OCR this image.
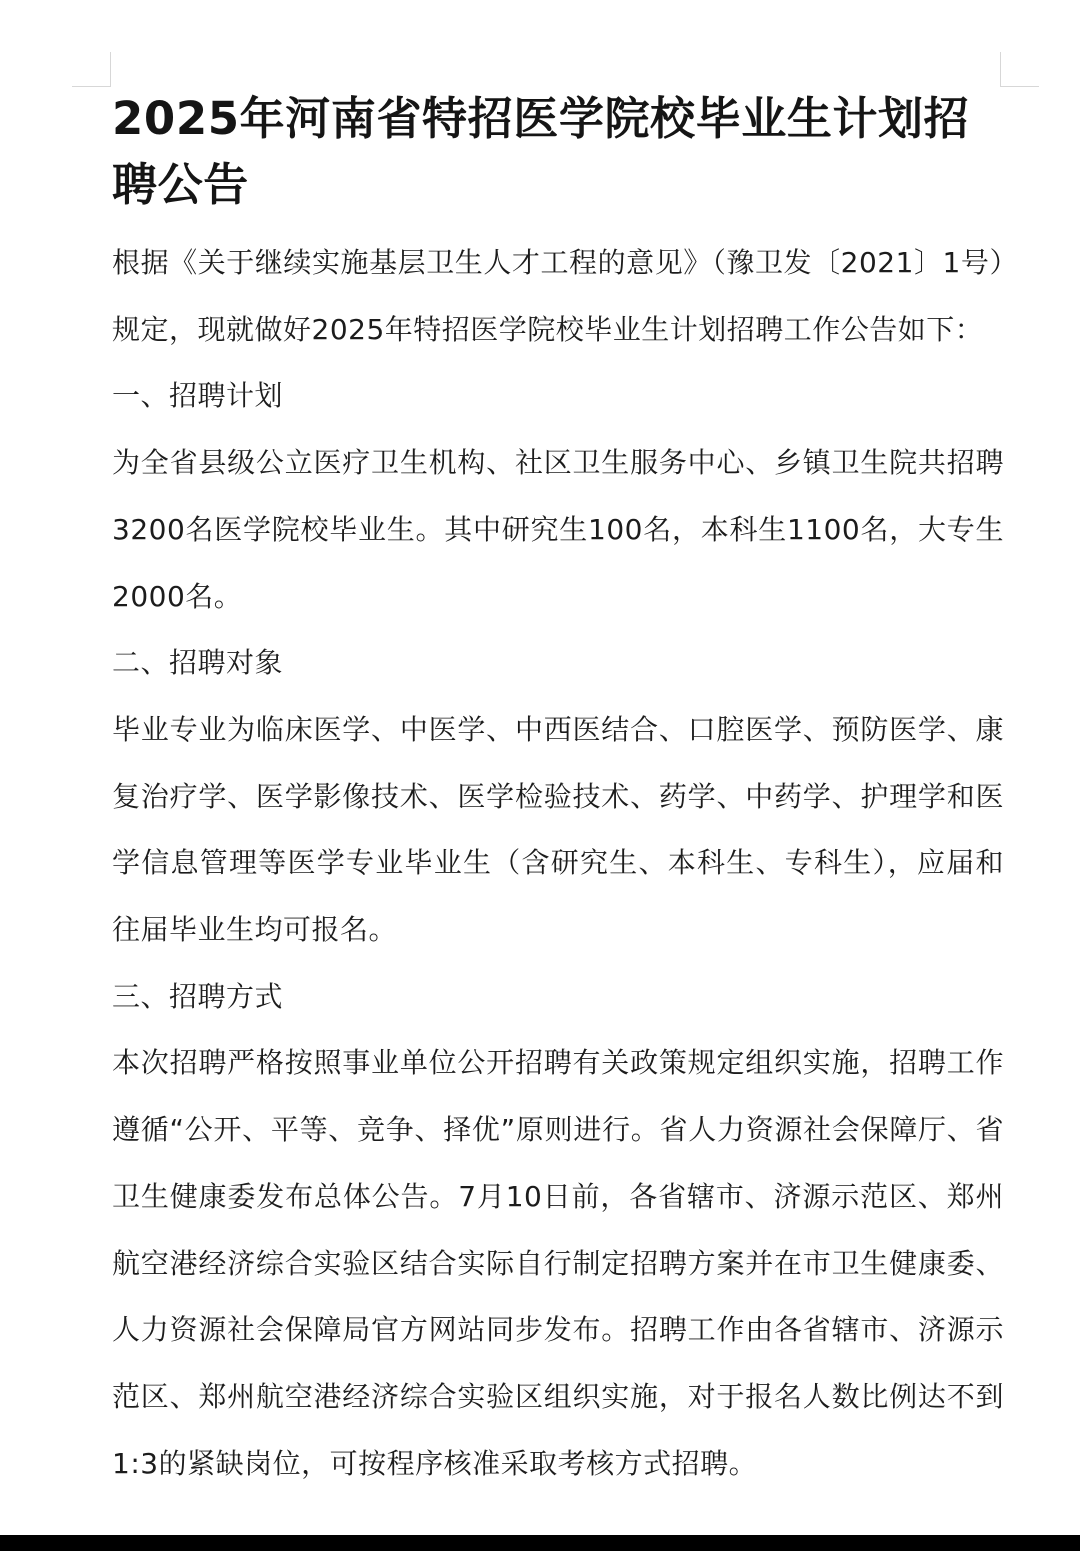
2025年河南省特招医学院校毕业生计划招聘公告

根据《关于继续实施基层卫生人才工程的意见》（豫卫发〔2021〕1号）规定，现就做好2025年特招医学院校毕业生计划招聘工作公告如下：

一、招聘计划

为全省县级公立医疗卫生机构、社区卫生服务中心、乡镇卫生院共招聘3200名医学院校毕业生。其中研究生100名，本科生1100名，大专生2000名。

二、招聘对象

毕业专业为临床医学、中医学、中西医结合、口腔医学、预防医学、康复治疗学、医学影像技术、医学检验技术、药学、中药学、护理学和医学信息管理等医学专业毕业生（含研究生、本科生、专科生），应届和往届毕业生均可报名。

三、招聘方式

本次招聘严格按照事业单位公开招聘有关政策规定组织实施，招聘工作遵循“公开、平等、竞争、择优”原则进行。省人力资源社会保障厅、省卫生健康委发布总体公告。7月10日前，各省辖市、济源示范区、郑州航空港经济综合实验区结合实际自行制定招聘方案并在市卫生健康委、人力资源社会保障局官方网站同步发布。招聘工作由各省辖市、济源示范区、郑州航空港经济综合实验区组织实施，对于报名人数比例达不到1:3的紧缺岗位，可按程序核准采取考核方式招聘。
